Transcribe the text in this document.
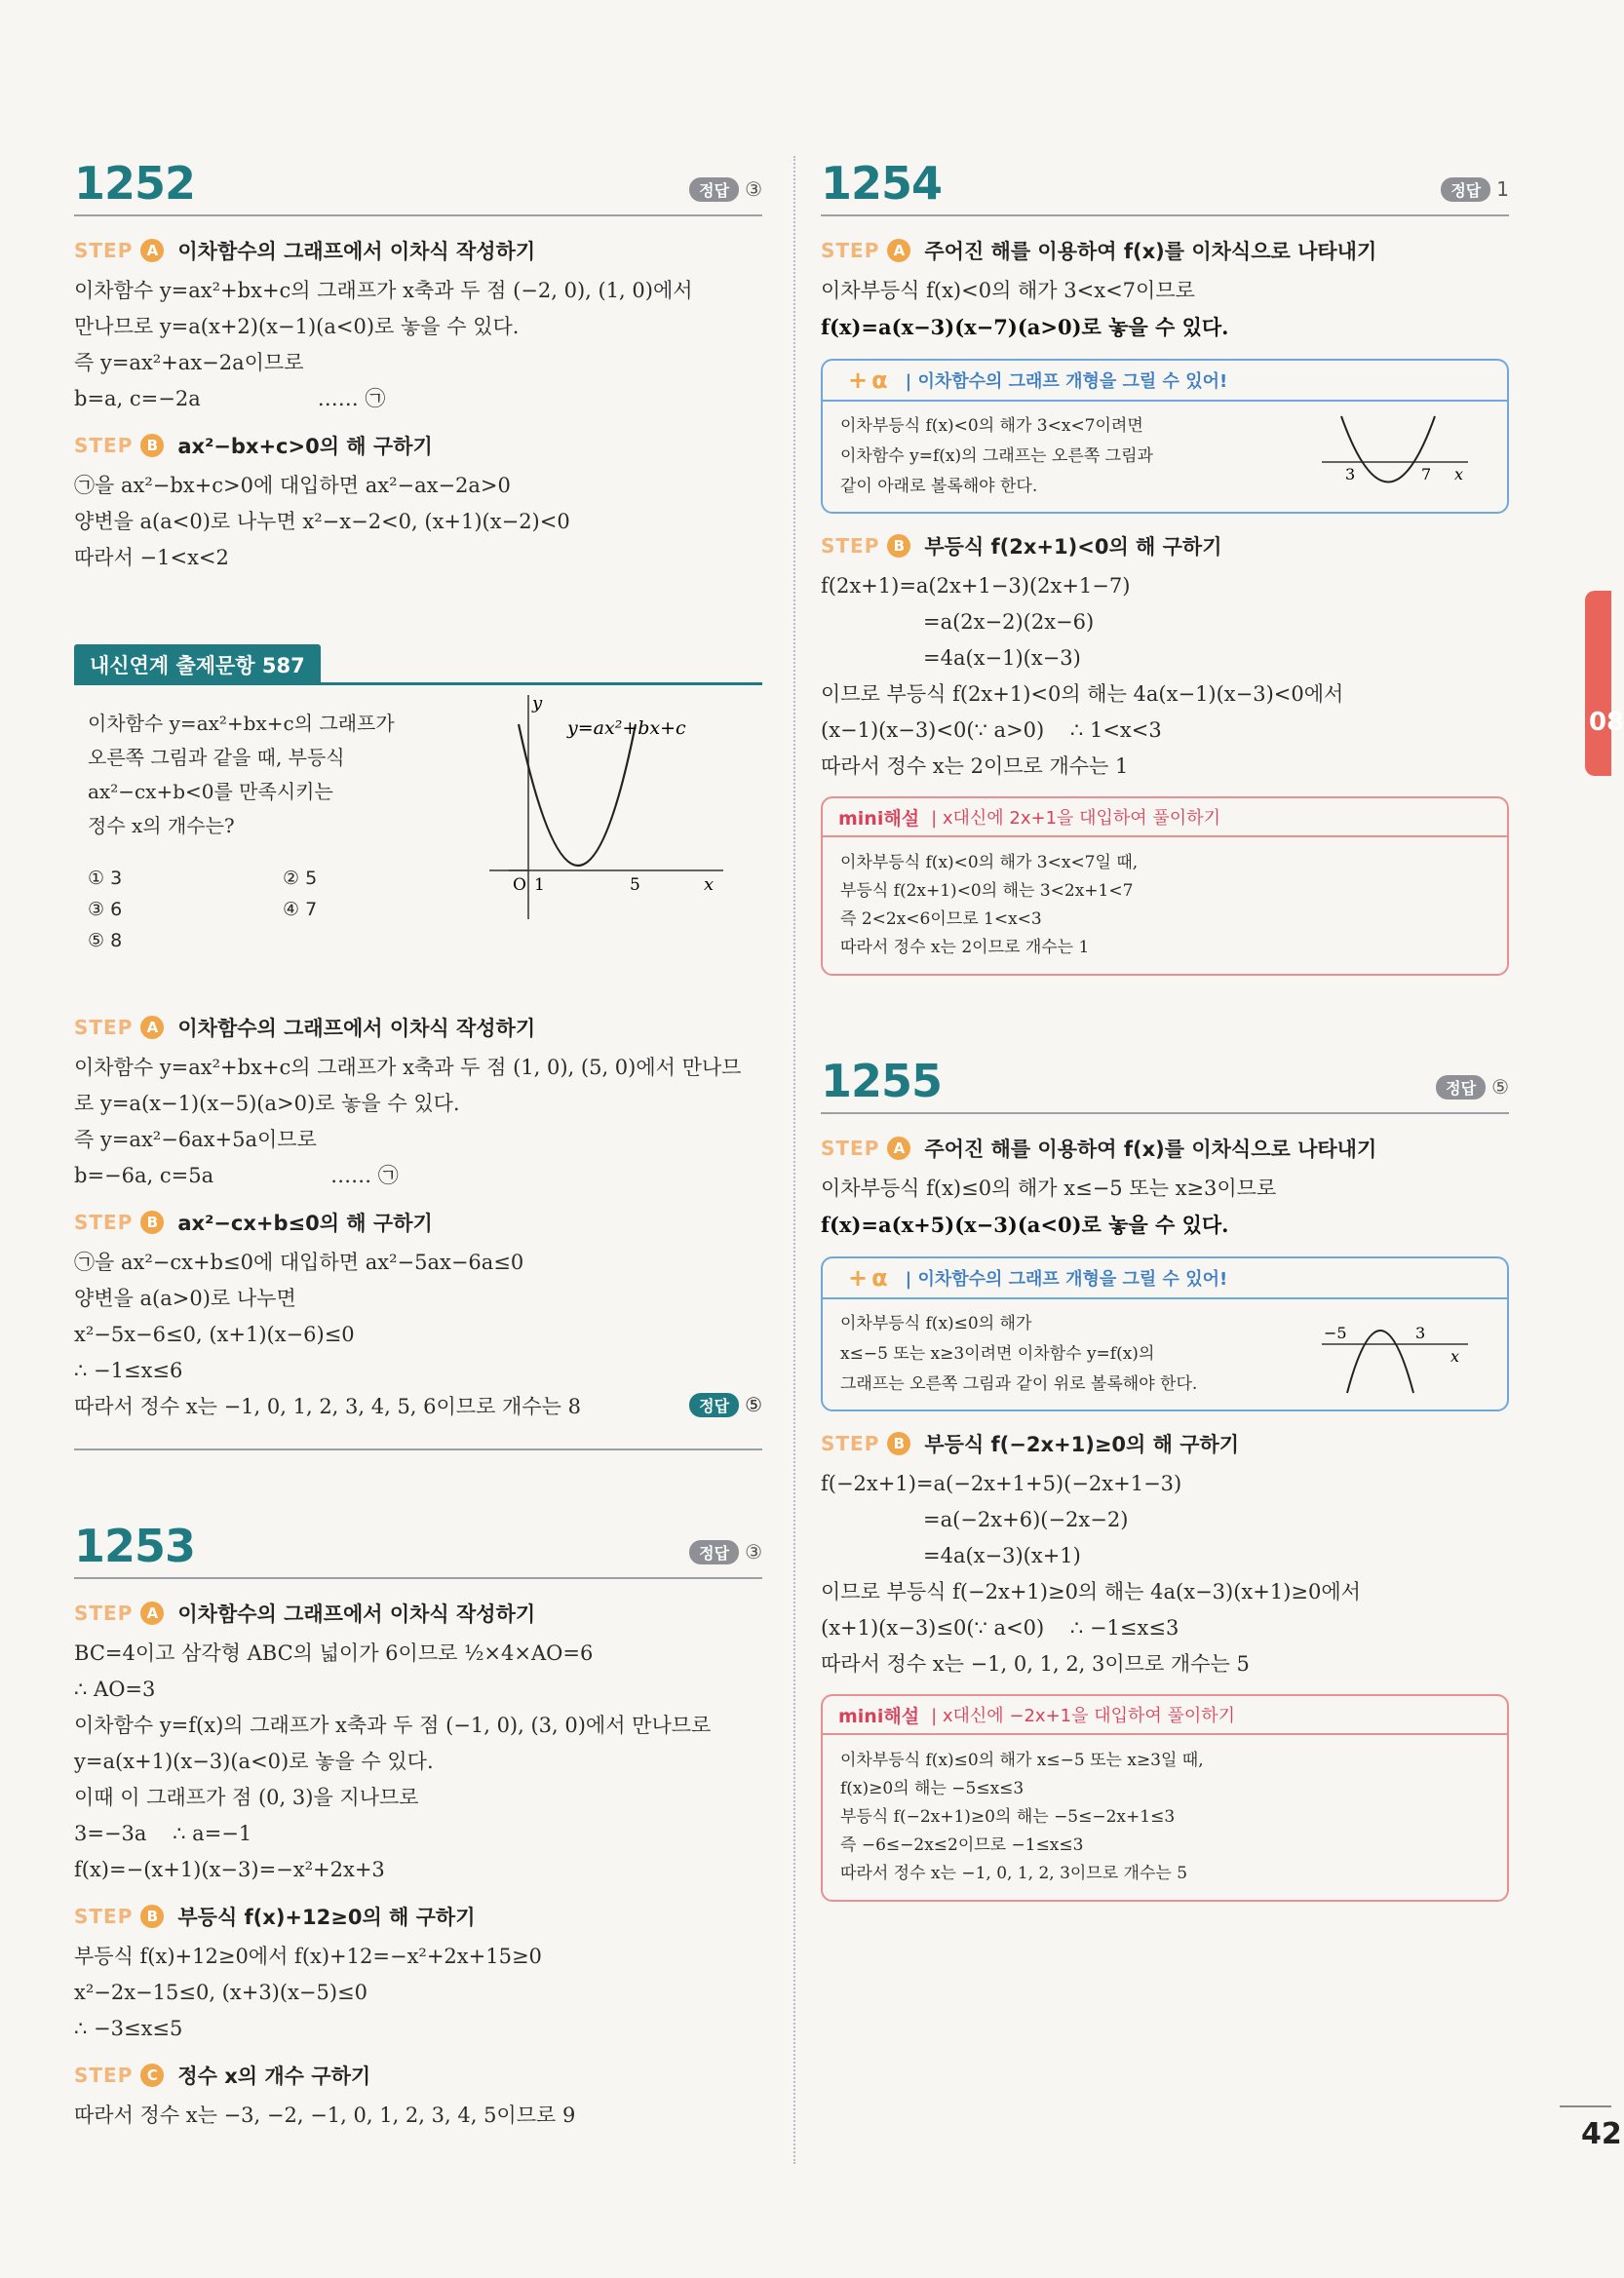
1252	정답 ③
STEP A 이차함수의 그래프에서 이차식 작성하기
이차함수 y=ax²+bx+c의 그래프가 x축과 두 점 (−2, 0), (1, 0)에서
만나므로 y=a(x+2)(x−1)(a<0)로 놓을 수 있다.
즉 y=ax²+ax−2a이므로
b=a, c=−2a	…… ㉠
STEP B ax²−bx+c>0의 해 구하기
㉠을 ax²−bx+c>0에 대입하면 ax²−ax−2a>0
양변을 a(a<0)로 나누면 x²−x−2<0, (x+1)(x−2)<0
따라서 −1<x<2
내신연계 출제문항 587
이차함수 y=ax²+bx+c의 그래프가
오른쪽 그림과 같을 때, 부등식
ax²−cx+b<0를 만족시키는
정수 x의 개수는?
① 3	② 5
③ 6	④ 7
⑤ 8
y
y=ax²+bx+c
O 1	5	x
STEP A 이차함수의 그래프에서 이차식 작성하기
이차함수 y=ax²+bx+c의 그래프가 x축과 두 점 (1, 0), (5, 0)에서 만나므
로 y=a(x−1)(x−5)(a>0)로 놓을 수 있다.
즉 y=ax²−6ax+5a이므로
b=−6a, c=5a	…… ㉠
STEP B ax²−cx+b≤0의 해 구하기
㉠을 ax²−cx+b≤0에 대입하면 ax²−5ax−6a≤0
양변을 a(a>0)로 나누면
x²−5x−6≤0, (x+1)(x−6)≤0
∴ −1≤x≤6
따라서 정수 x는 −1, 0, 1, 2, 3, 4, 5, 6이므로 개수는 8	정답 ⑤
1253	정답 ③
STEP A 이차함수의 그래프에서 이차식 작성하기
BC=4이고 삼각형 ABC의 넓이가 6이므로 ½×4×AO=6
∴ AO=3
이차함수 y=f(x)의 그래프가 x축과 두 점 (−1, 0), (3, 0)에서 만나므로
y=a(x+1)(x−3)(a<0)로 놓을 수 있다.
이때 이 그래프가 점 (0, 3)을 지나므로
3=−3a    ∴ a=−1
f(x)=−(x+1)(x−3)=−x²+2x+3
STEP B 부등식 f(x)+12≥0의 해 구하기
부등식 f(x)+12≥0에서 f(x)+12=−x²+2x+15≥0
x²−2x−15≤0, (x+3)(x−5)≤0
∴ −3≤x≤5
STEP C 정수 x의 개수 구하기
따라서 정수 x는 −3, −2, −1, 0, 1, 2, 3, 4, 5이므로 9
1254	정답 1
STEP A 주어진 해를 이용하여 f(x)를 이차식으로 나타내기
이차부등식 f(x)<0의 해가 3<x<7이므로
f(x)=a(x−3)(x−7)(a>0)로 놓을 수 있다.
+ α | 이차함수의 그래프 개형을 그릴 수 있어!
이차부등식 f(x)<0의 해가 3<x<7이려면
이차함수 y=f(x)의 그래프는 오른쪽 그림과
같이 아래로 볼록해야 한다.
3	7 x
STEP B 부등식 f(2x+1)<0의 해 구하기
f(2x+1)=a(2x+1−3)(2x+1−7)
=a(2x−2)(2x−6)
=4a(x−1)(x−3)
이므로 부등식 f(2x+1)<0의 해는 4a(x−1)(x−3)<0에서
(x−1)(x−3)<0(∵ a>0)    ∴ 1<x<3
따라서 정수 x는 2이므로 개수는 1
mini해설 | x대신에 2x+1을 대입하여 풀이하기
이차부등식 f(x)<0의 해가 3<x<7일 때,
부등식 f(2x+1)<0의 해는 3<2x+1<7
즉 2<2x<6이므로 1<x<3
따라서 정수 x는 2이므로 개수는 1
1255	정답 ⑤
STEP A 주어진 해를 이용하여 f(x)를 이차식으로 나타내기
이차부등식 f(x)≤0의 해가 x≤−5 또는 x≥3이므로
f(x)=a(x+5)(x−3)(a<0)로 놓을 수 있다.
+ α | 이차함수의 그래프 개형을 그릴 수 있어!
이차부등식 f(x)≤0의 해가
x≤−5 또는 x≥3이려면 이차함수 y=f(x)의
그래프는 오른쪽 그림과 같이 위로 볼록해야 한다.
−5	3
x
STEP B 부등식 f(−2x+1)≥0의 해 구하기
f(−2x+1)=a(−2x+1+5)(−2x+1−3)
=a(−2x+6)(−2x−2)
=4a(x−3)(x+1)
이므로 부등식 f(−2x+1)≥0의 해는 4a(x−3)(x+1)≥0에서
(x+1)(x−3)≤0(∵ a<0)    ∴ −1≤x≤3
따라서 정수 x는 −1, 0, 1, 2, 3이므로 개수는 5
mini해설 | x대신에 −2x+1을 대입하여 풀이하기
이차부등식 f(x)≤0의 해가 x≤−5 또는 x≥3일 때,
f(x)≥0의 해는 −5≤x≤3
부등식 f(−2x+1)≥0의 해는 −5≤−2x+1≤3
즉 −6≤−2x≤2이므로 −1≤x≤3
따라서 정수 x는 −1, 0, 1, 2, 3이므로 개수는 5
08
42
